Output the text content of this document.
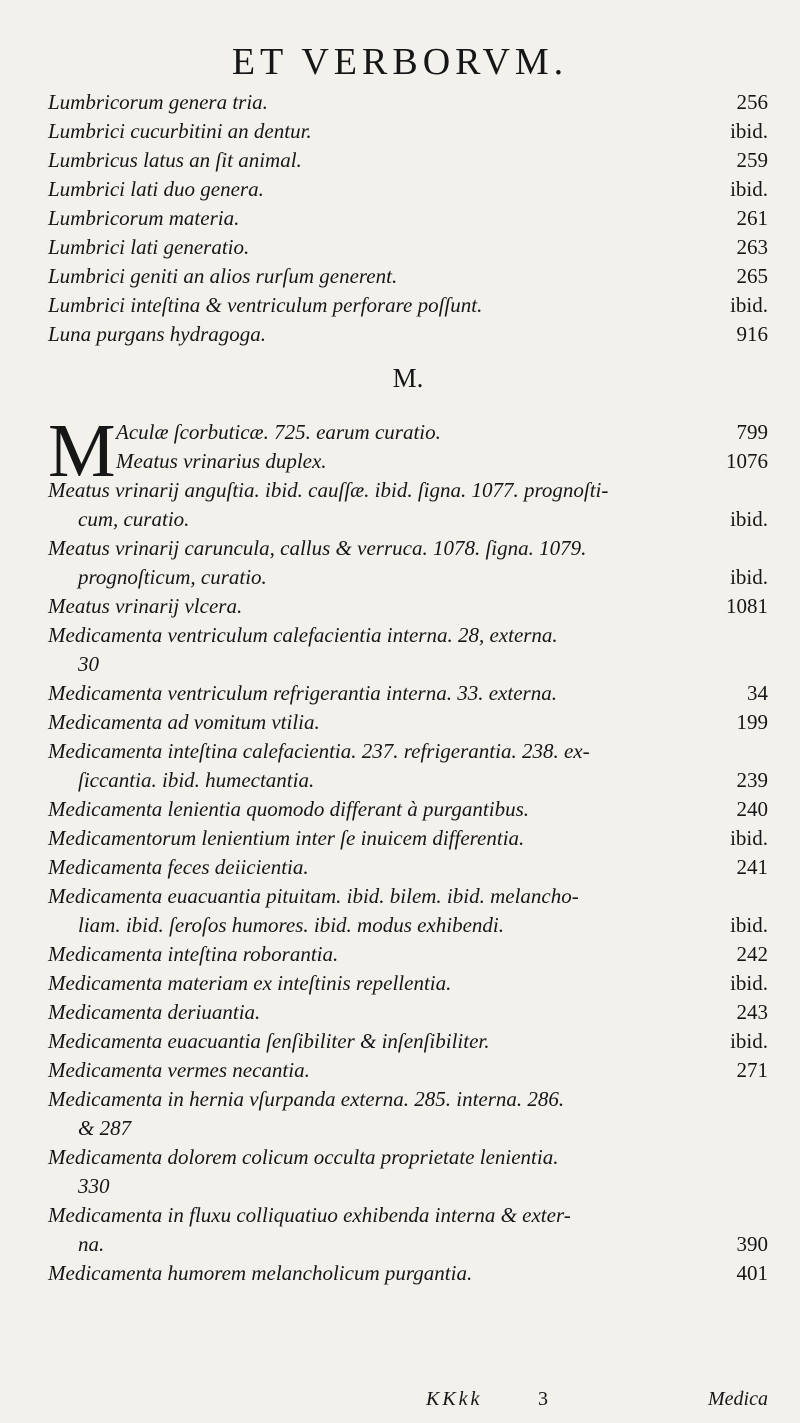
ET VERBORVM.
Lumbricorum genera tria.	256
Lumbrici cucurbitini an dentur.	ibid.
Lumbricus latus an ſit animal.	259
Lumbrici lati duo genera.	ibid.
Lumbricorum materia.	261
Lumbrici lati generatio.	263
Lumbrici geniti an alios rurſum generent.	265
Lumbrici inteſtina & ventriculum perforare poſſunt.	ibid.
Luna purgans hydragoga.	916
M.
M Aculæ ſcorbuticæ. 725. earum curatio.	799
Meatus vrinarius duplex.	1076
Meatus vrinarij anguſtia. ibid. cauſſæ. ibid. ſigna. 1077. prognoſti-
cum, curatio.	ibid.
Meatus vrinarij caruncula, callus & verruca. 1078. ſigna. 1079.
prognoſticum, curatio.	ibid.
Meatus vrinarij vlcera.	1081
Medicamenta ventriculum calefacientia interna. 28, externa.
30
Medicamenta ventriculum refrigerantia interna. 33. externa.	34
Medicamenta ad vomitum vtilia.	199
Medicamenta inteſtina calefacientia. 237. refrigerantia. 238. ex-
ſiccantia. ibid. humectantia.	239
Medicamenta lenientia quomodo differant à purgantibus.	240
Medicamentorum lenientium inter ſe inuicem differentia.	ibid.
Medicamenta feces deiicientia.	241
Medicamenta euacuantia pituitam. ibid. bilem. ibid. melancho-
liam. ibid. ſeroſos humores. ibid. modus exhibendi.	ibid.
Medicamenta inteſtina roborantia.	242
Medicamenta materiam ex inteſtinis repellentia.	ibid.
Medicamenta deriuantia.	243
Medicamenta euacuantia ſenſibiliter & inſenſibiliter.	ibid.
Medicamenta vermes necantia.	271
Medicamenta in hernia vſurpanda externa. 285. interna. 286.
& 287
Medicamenta dolorem colicum occulta proprietate lenientia.
330
Medicamenta in fluxu colliquatiuo exhibenda interna & exter-
na.	390
Medicamenta humorem melancholicum purgantia.	401
KKkk	3	Medica
